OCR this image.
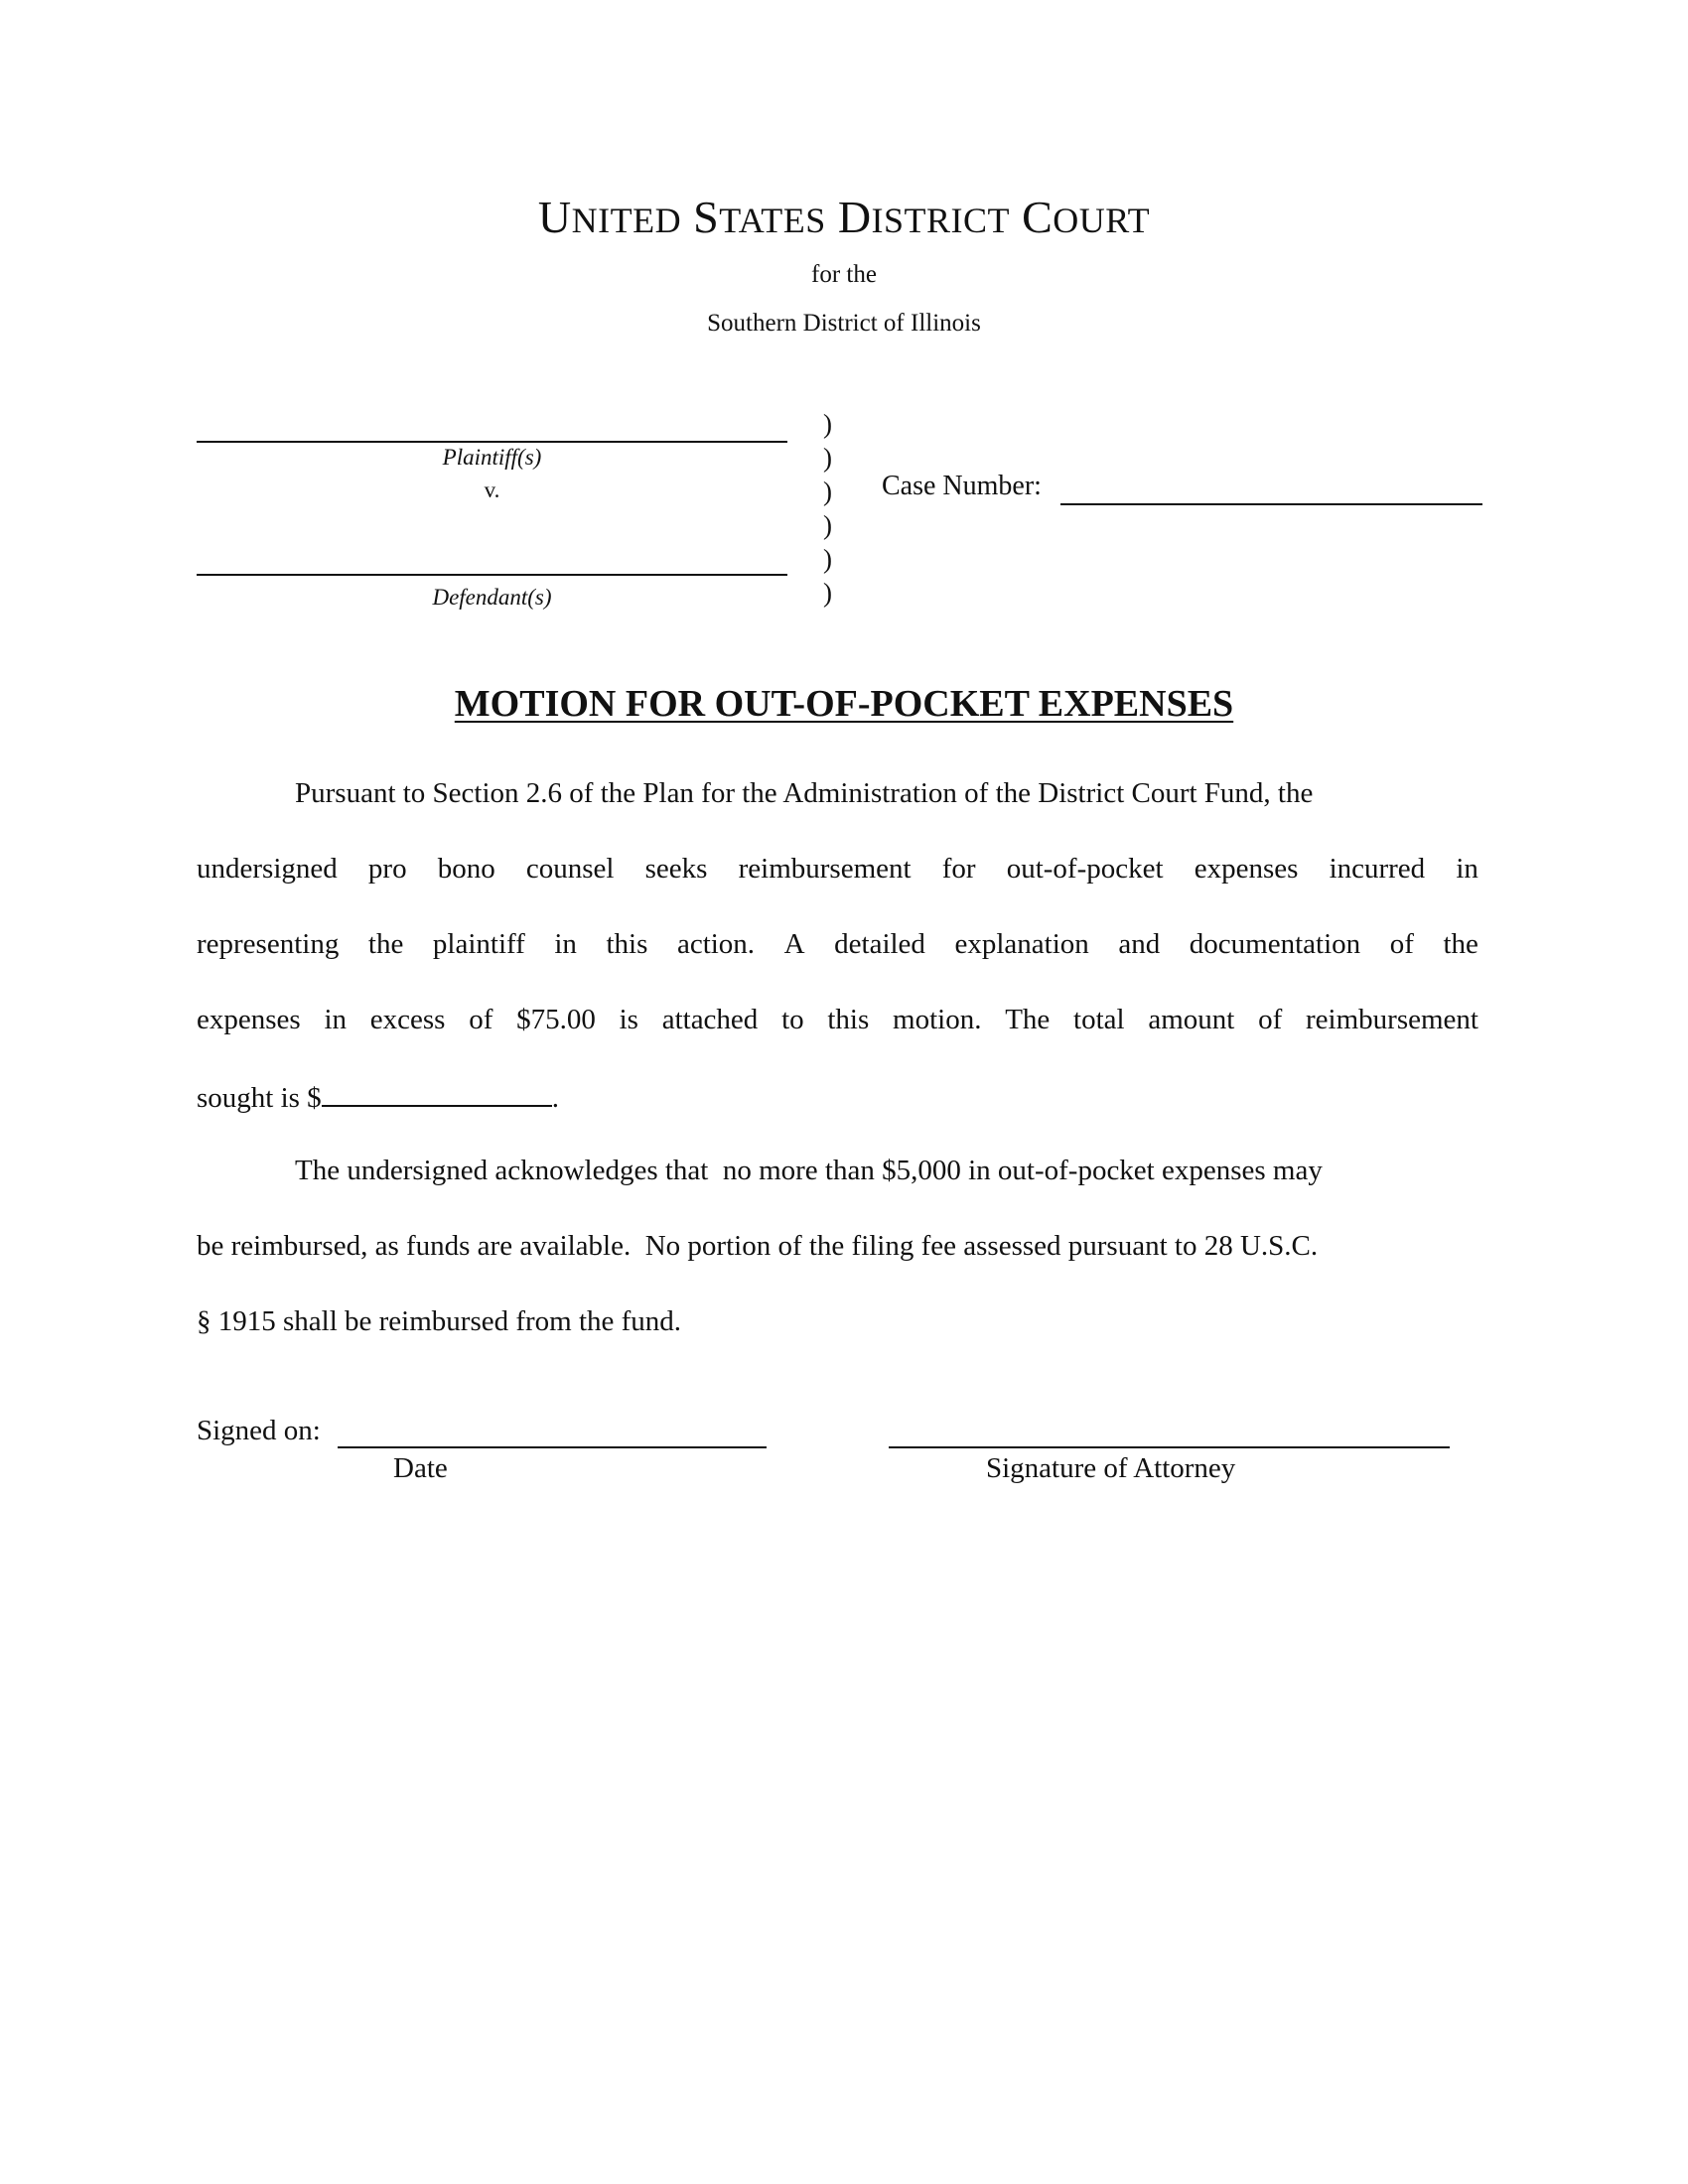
UNITED STATES DISTRICT COURT
for the
Southern District of Illinois
Plaintiff(s)
v.
Defendant(s)
)
)
)
)
)
)
Case Number:
MOTION FOR OUT-OF-POCKET EXPENSES
Pursuant to Section 2.6 of the Plan for the Administration of the District Court Fund, the
undersigned pro bono counsel seeks reimbursement for out-of-pocket expenses incurred in
representing the plaintiff in this action. A detailed explanation and documentation of the
expenses in excess of $75.00 is attached to this motion. The total amount of reimbursement
sought is $	.
The undersigned acknowledges that  no more than $5,000 in out-of-pocket expenses may
be reimbursed, as funds are available.  No portion of the filing fee assessed pursuant to 28 U.S.C.
§ 1915 shall be reimbursed from the fund.
Signed on:
Date	Signature of Attorney
